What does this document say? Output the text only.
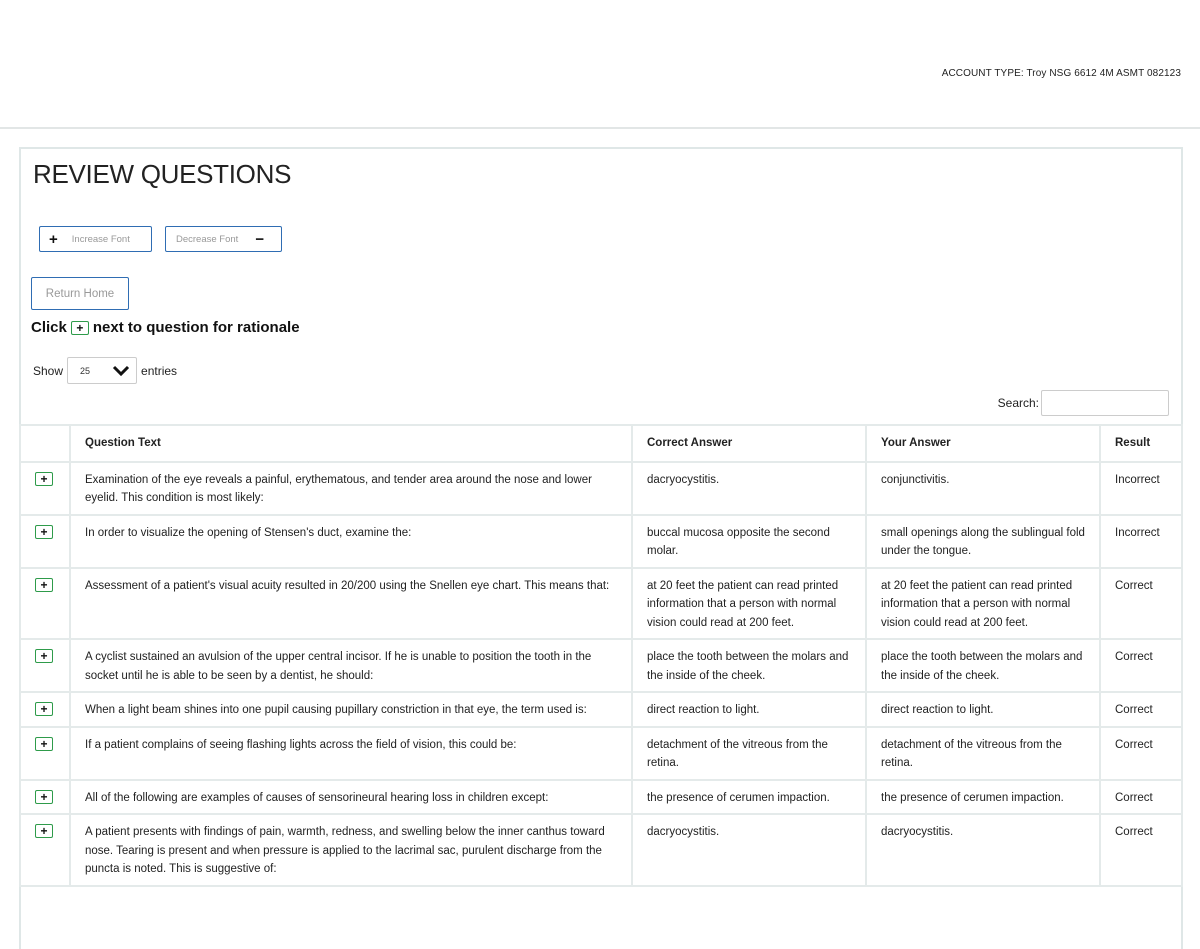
ACCOUNT TYPE: Troy NSG 6612 4M ASMT 082123
REVIEW QUESTIONS
+ Increase Font	Decrease Font −
Return Home
Click + next to question for rationale
Show 25	entries
Search:
	Question Text	Correct Answer	Your Answer	Result
+	Examination of the eye reveals a painful, erythematous, and tender area around the nose and lower eyelid. This condition is most likely:	dacryocystitis.	conjunctivitis.	Incorrect
+	In order to visualize the opening of Stensen's duct, examine the:	buccal mucosa opposite the second molar.	small openings along the sublingual fold under the tongue.	Incorrect
+	Assessment of a patient's visual acuity resulted in 20/200 using the Snellen eye chart. This means that:	at 20 feet the patient can read printed information that a person with normal vision could read at 200 feet.	at 20 feet the patient can read printed information that a person with normal vision could read at 200 feet.	Correct
+	A cyclist sustained an avulsion of the upper central incisor. If he is unable to position the tooth in the socket until he is able to be seen by a dentist, he should:	place the tooth between the molars and the inside of the cheek.	place the tooth between the molars and the inside of the cheek.	Correct
+	When a light beam shines into one pupil causing pupillary constriction in that eye, the term used is:	direct reaction to light.	direct reaction to light.	Correct
+	If a patient complains of seeing flashing lights across the field of vision, this could be:	detachment of the vitreous from the retina.	detachment of the vitreous from the retina.	Correct
+	All of the following are examples of causes of sensorineural hearing loss in children except:	the presence of cerumen impaction.	the presence of cerumen impaction.	Correct
+	A patient presents with findings of pain, warmth, redness, and swelling below the inner canthus toward nose. Tearing is present and when pressure is applied to the lacrimal sac, purulent discharge from the puncta is noted. This is suggestive of:	dacryocystitis.	dacryocystitis.	Correct
